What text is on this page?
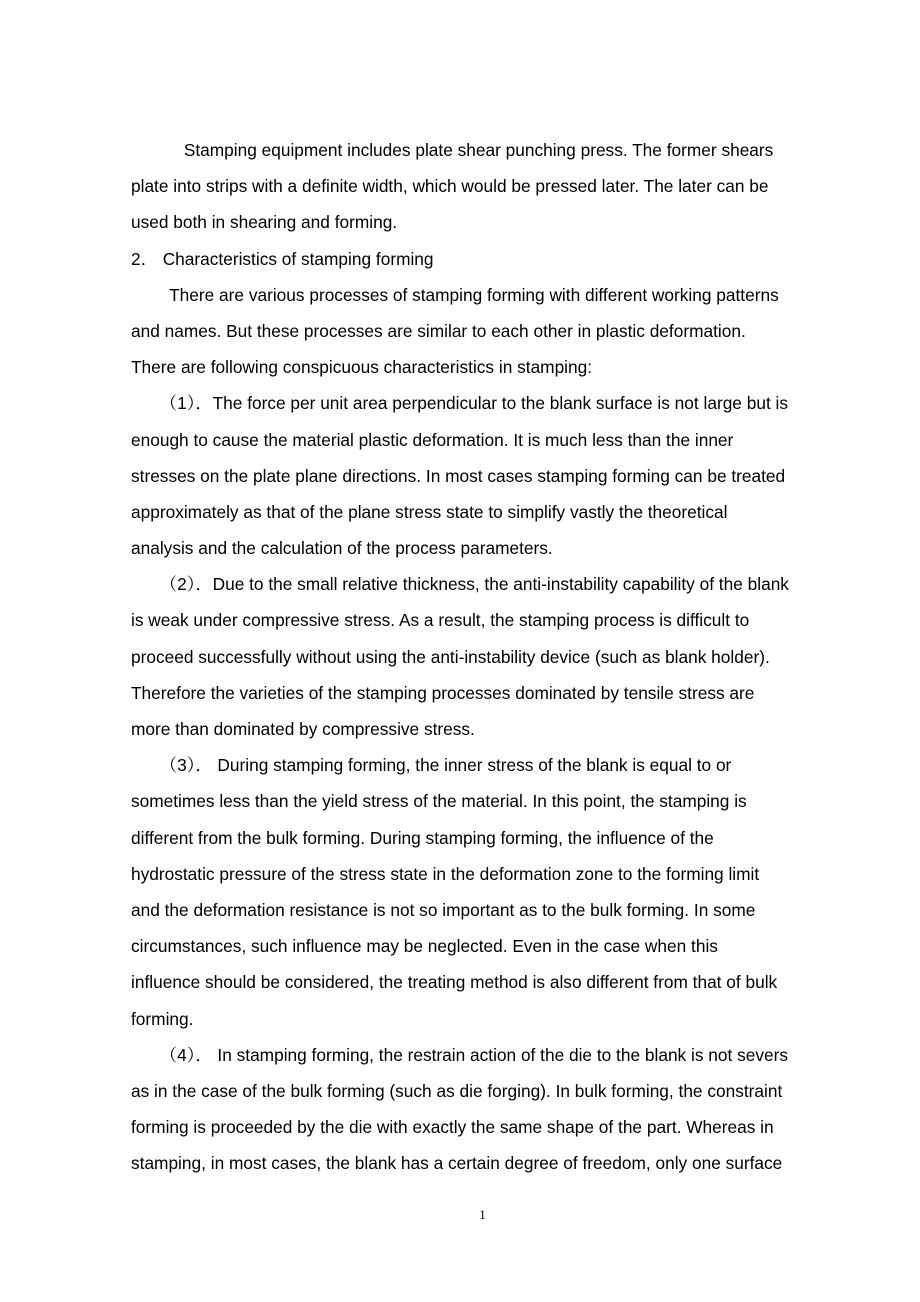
Stamping equipment includes plate shear punching press. The former shears
plate into strips with a definite width, which would be pressed later. The later can be
used both in shearing and forming.
2． Characteristics of stamping forming
There are various processes of stamping forming with different working patterns
and names. But these processes are similar to each other in plastic deformation.
There are following conspicuous characteristics in stamping:
（1）．The force per unit area perpendicular to the blank surface is not large but is
enough to cause the material plastic deformation. It is much less than the inner
stresses on the plate plane directions. In most cases stamping forming can be treated
approximately as that of the plane stress state to simplify vastly the theoretical
analysis and the calculation of the process parameters.
（2）．Due to the small relative thickness, the anti-instability capability of the blank
is weak under compressive stress. As a result, the stamping process is difficult to
proceed successfully without using the anti-instability device (such as blank holder).
Therefore the varieties of the stamping processes dominated by tensile stress are
more than dominated by compressive stress.
（3）． During stamping forming, the inner stress of the blank is equal to or
sometimes less than the yield stress of the material. In this point, the stamping is
different from the bulk forming. During stamping forming, the influence of the
hydrostatic pressure of the stress state in the deformation zone to the forming limit
and the deformation resistance is not so important as to the bulk forming. In some
circumstances, such influence may be neglected. Even in the case when this
influence should be considered, the treating method is also different from that of bulk
forming.
（4）． In stamping forming, the restrain action of the die to the blank is not severs
as in the case of the bulk forming (such as die forging). In bulk forming, the constraint
forming is proceeded by the die with exactly the same shape of the part. Whereas in
stamping, in most cases, the blank has a certain degree of freedom, only one surface
1
